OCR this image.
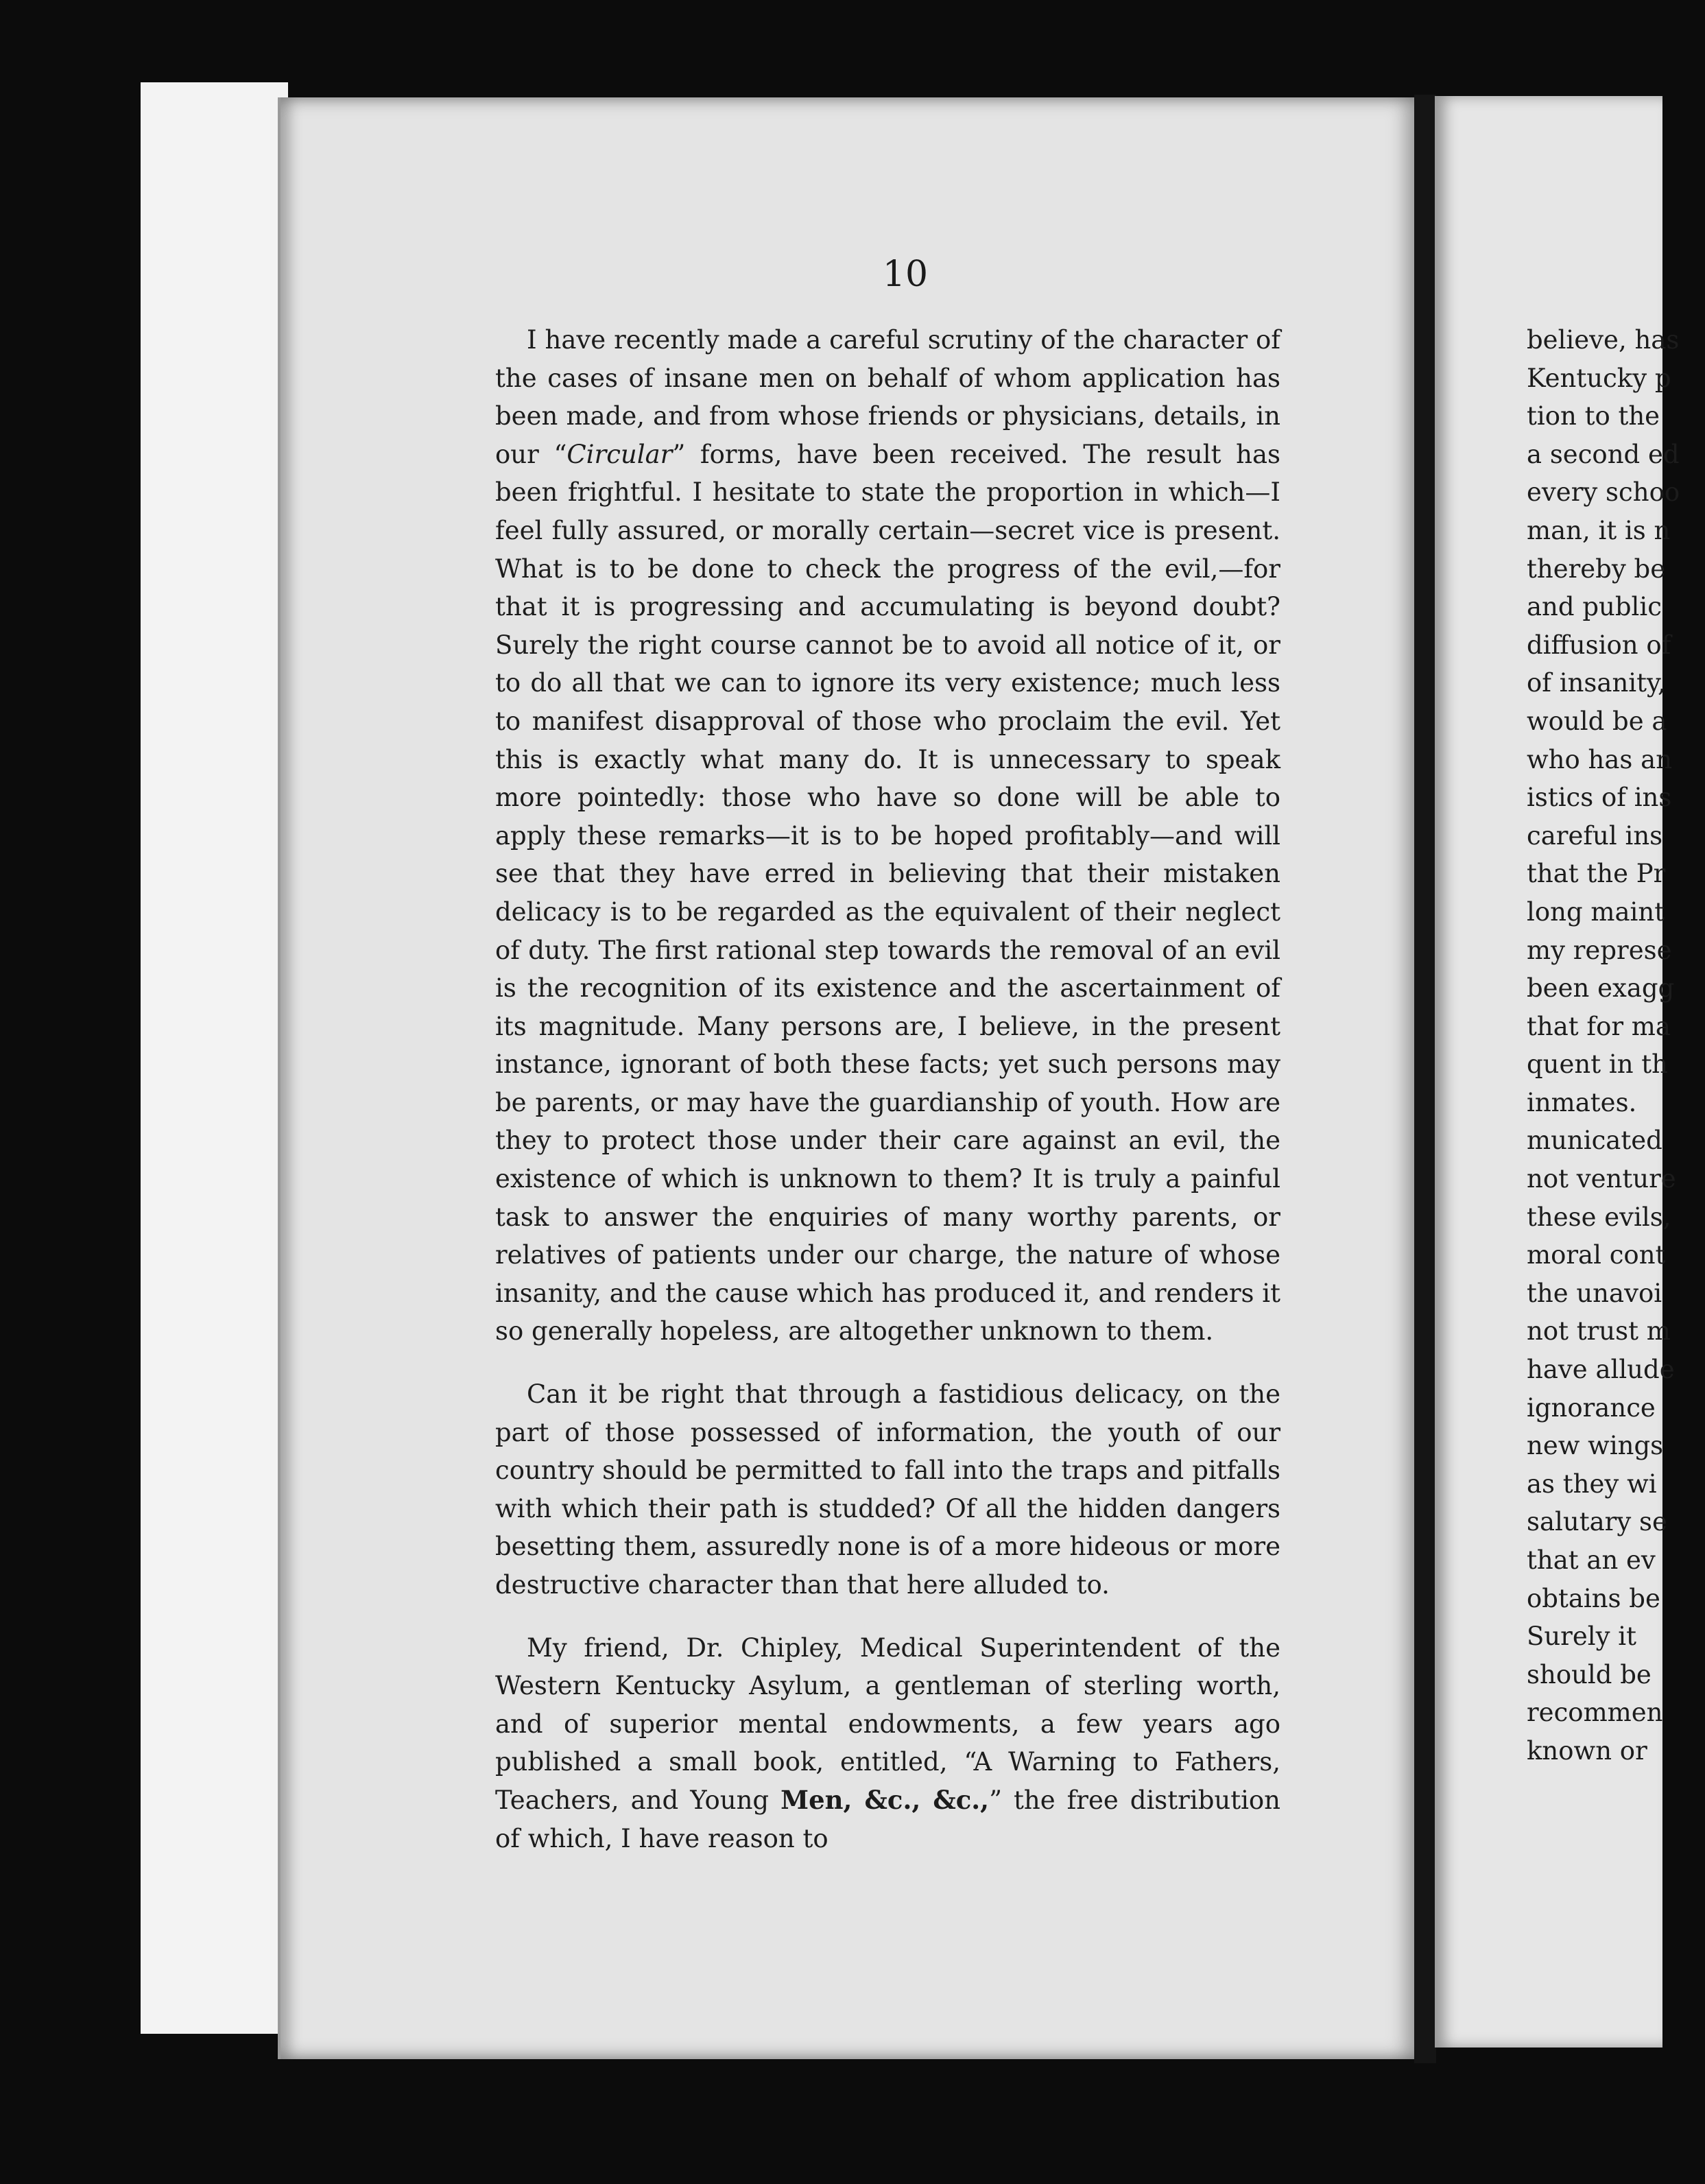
10

I have recently made a careful scrutiny of the character of the cases of insane men on behalf of whom application has been made, and from whose friends or physicians, details, in our “Circular” forms, have been received. The result has been frightful. I hesitate to state the proportion in which—I feel fully assured, or morally certain—secret vice is present. What is to be done to check the progress of the evil,—for that it is progressing and accumulating is beyond doubt? Surely the right course cannot be to avoid all notice of it, or to do all that we can to ignore its very existence; much less to manifest disapproval of those who proclaim the evil. Yet this is exactly what many do. It is unnecessary to speak more pointedly: those who have so done will be able to apply these remarks—it is to be hoped profitably—and will see that they have erred in believing that their mistaken delicacy is to be regarded as the equivalent of their neglect of duty. The first rational step towards the removal of an evil is the recognition of its existence and the ascertainment of its magnitude. Many persons are, I believe, in the present instance, ignorant of both these facts; yet such persons may be parents, or may have the guardianship of youth. How are they to protect those under their care against an evil, the existence of which is unknown to them? It is truly a painful task to answer the enquiries of many worthy parents, or relatives of patients under our charge, the nature of whose insanity, and the cause which has produced it, and renders it so generally hopeless, are altogether unknown to them.

Can it be right that through a fastidious delicacy, on the part of those possessed of information, the youth of our country should be permitted to fall into the traps and pitfalls with which their path is studded? Of all the hidden dangers besetting them, assuredly none is of a more hideous or more destructive character than that here alluded to.

My friend, Dr. Chipley, Medical Superintendent of the Western Kentucky Asylum, a gentleman of sterling worth, and of superior mental endowments, a few years ago published a small book, entitled, “A Warning to Fathers, Teachers, and Young Men, &c., &c.,” the free distribution of which, I have reason to

believe, has
Kentucky p
tion to the
a second ed
every schoo
man, it is n
thereby be
and public
diffusion of
of insanity,
would be a
who has an
istics of ins
careful ins
that the Pr
long maint
my represe
been exagg
that for ma
quent in th
inmates.
municated
not venture
these evils,
moral cont
the unavoi
not trust m
have allude
ignorance
new wings
as they wi
salutary se
that an ev
obtains be
Surely it
should be
recommen
known or
